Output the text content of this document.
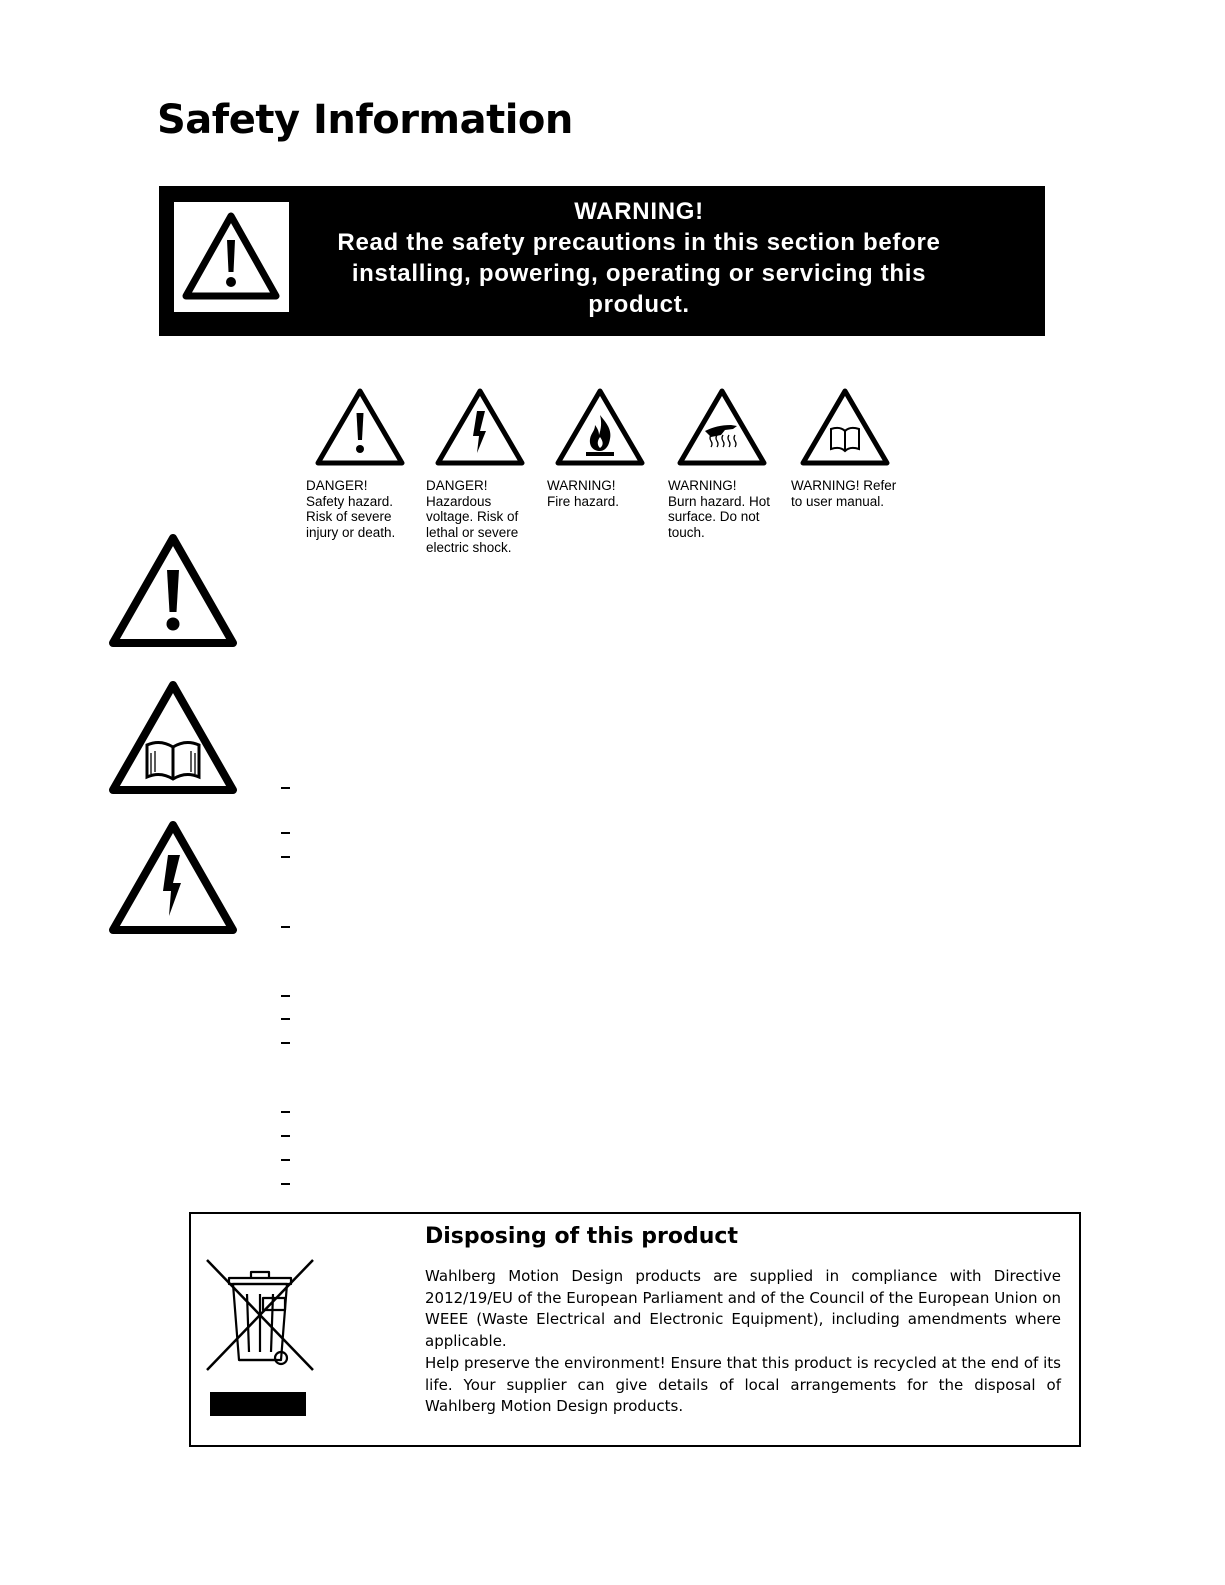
Safety Information
WARNING!
Read the safety precautions in this section before
installing, powering, operating or servicing this
product.
DANGER!
Safety hazard.
Risk of severe
injury or death.
DANGER!
Hazardous
voltage. Risk of
lethal or severe
electric shock.
WARNING!
Fire hazard.
WARNING!
Burn hazard. Hot
surface. Do not
touch.
WARNING! Refer
to user manual.
Disposing of this product

Wahlberg Motion Design products are supplied in compliance with Directive 2012/19/EU of the European Parliament and of the Council of the European Union on WEEE (Waste Electrical and Electronic Equipment), including amendments where applicable.

Help preserve the environment! Ensure that this product is recycled at the end of its life. Your supplier can give details of local arrangements for the disposal of Wahlberg Motion Design products.
